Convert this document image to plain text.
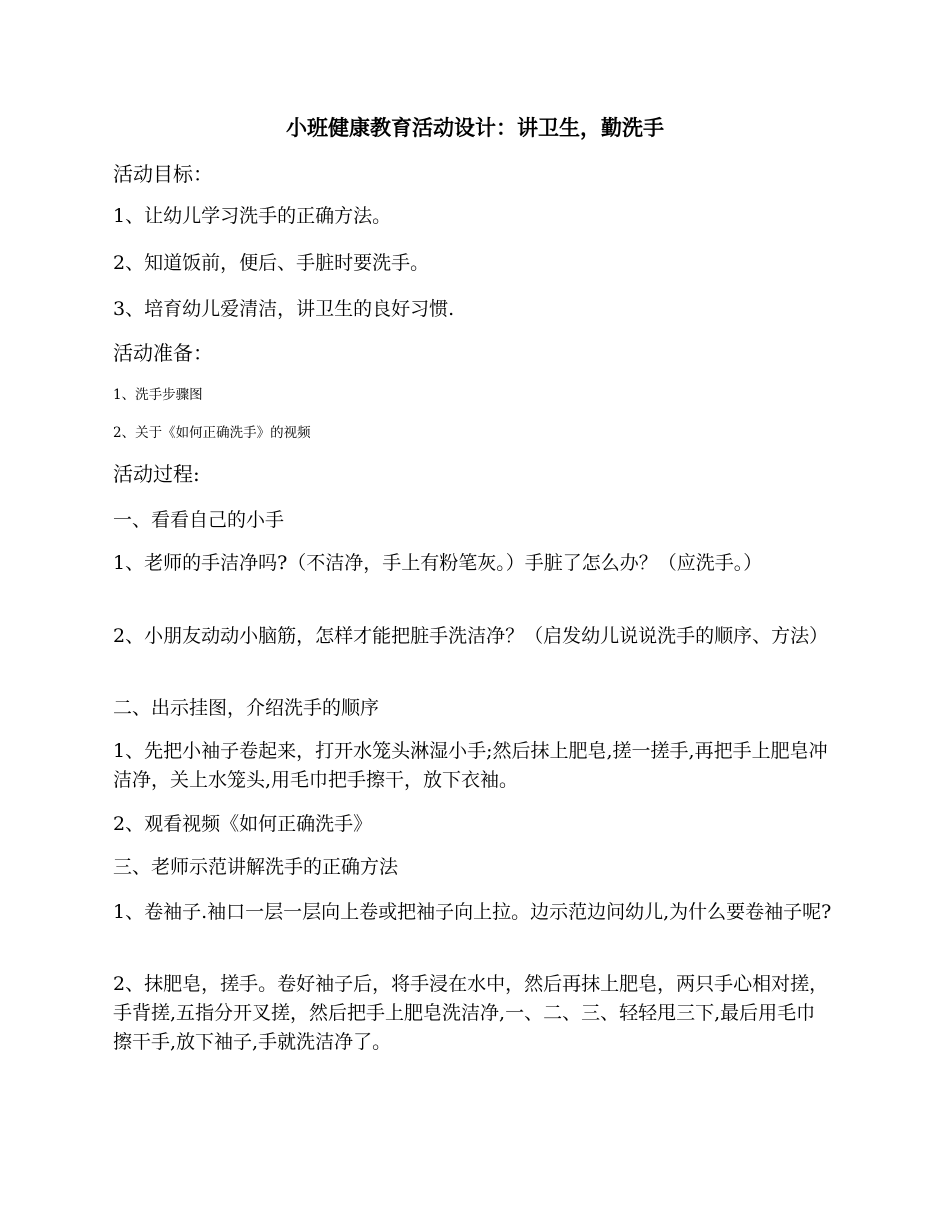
小班健康教育活动设计：讲卫生，勤洗手

活动目标：

1、让幼儿学习洗手的正确方法。

2、知道饭前，便后、手脏时要洗手。

3、培育幼儿爱清洁，讲卫生的良好习惯.

活动准备：

1、洗手步骤图

2、关于《如何正确洗手》的视频

活动过程:

一、看看自己的小手

1、老师的手洁净吗?（不洁净，手上有粉笔灰。）手脏了怎么办？（应洗手。）

2、小朋友动动小脑筋，怎样才能把脏手洗洁净？（启发幼儿说说洗手的顺序、方法）

二、出示挂图，介绍洗手的顺序

1、先把小袖子卷起来，打开水笼头淋湿小手;然后抹上肥皂,搓一搓手,再把手上肥皂冲洁净，关上水笼头,用毛巾把手擦干，放下衣袖。

2、观看视频《如何正确洗手》

三、老师示范讲解洗手的正确方法

1、卷袖子.袖口一层一层向上卷或把袖子向上拉。边示范边问幼儿,为什么要卷袖子呢?

2、抹肥皂，搓手。卷好袖子后，将手浸在水中，然后再抹上肥皂，两只手心相对搓，手背搓,五指分开叉搓，然后把手上肥皂洗洁净,一、二、三、轻轻甩三下,最后用毛巾擦干手,放下袖子,手就洗洁净了。
